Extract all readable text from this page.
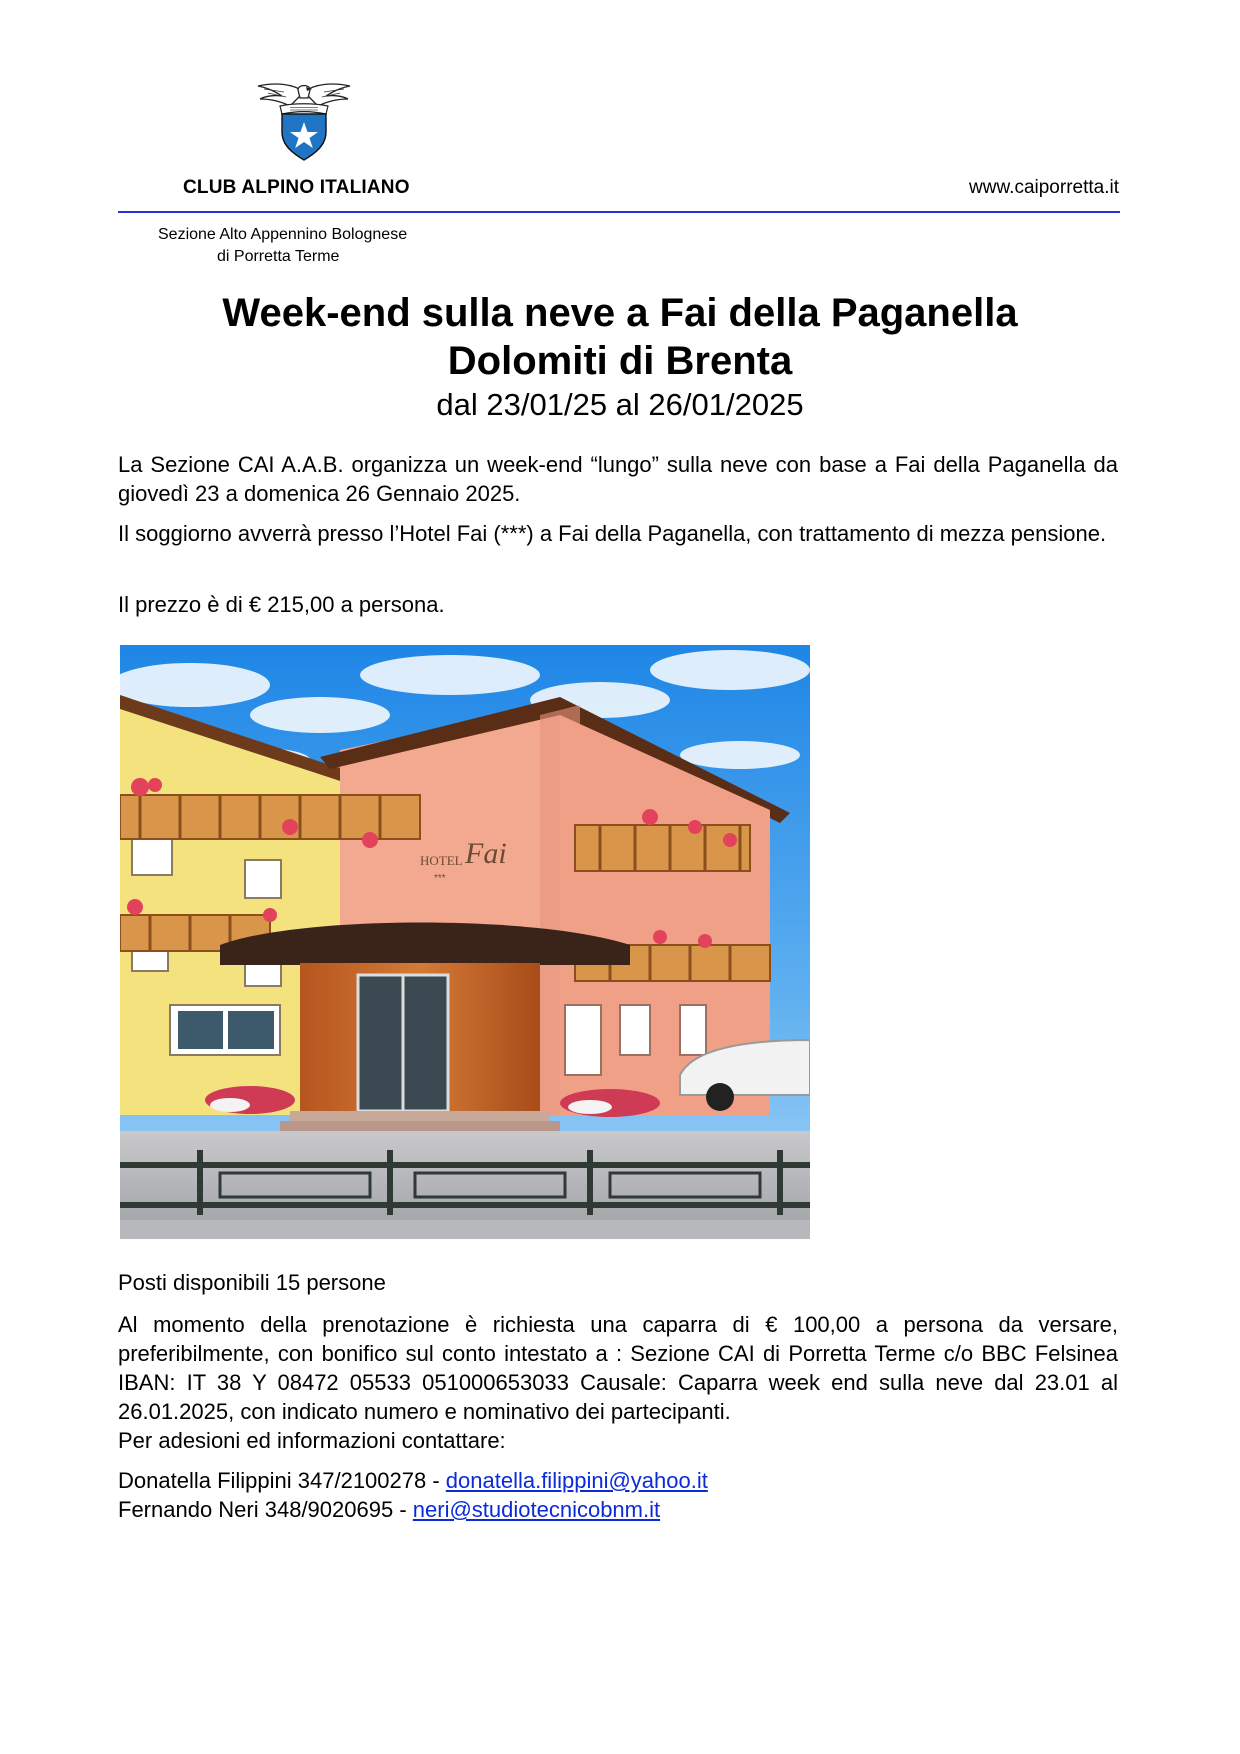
CLUB ALPINO ITALIANO	www.caiporretta.it
Sezione Alto Appennino Bolognese
di Porretta Terme
Week-end sulla neve a Fai della Paganella
Dolomiti di Brenta
dal 23/01/25 al 26/01/2025
La Sezione CAI A.A.B. organizza un week-end “lungo” sulla neve con base a Fai della Paganella da giovedì 23 a domenica 26 Gennaio 2025.
Il soggiorno avverrà presso l’Hotel Fai (***) a Fai della Paganella, con trattamento di mezza pensione.
Il prezzo è di € 215,00 a persona.
HOTEL Fai
***
Posti disponibili 15 persone
Al momento della prenotazione è richiesta una caparra di € 100,00 a persona da versare, preferibilmente, con bonifico sul conto intestato a : Sezione CAI di Porretta Terme c/o BBC Felsinea IBAN: IT 38 Y 08472 05533 051000653033 Causale: Caparra week end sulla neve dal 23.01 al 26.01.2025, con indicato numero e nominativo dei partecipanti.
Per adesioni ed informazioni contattare:
Donatella Filippini 347/2100278 - donatella.filippini@yahoo.it
Fernando Neri 348/9020695 - neri@studiotecnicobnm.it
